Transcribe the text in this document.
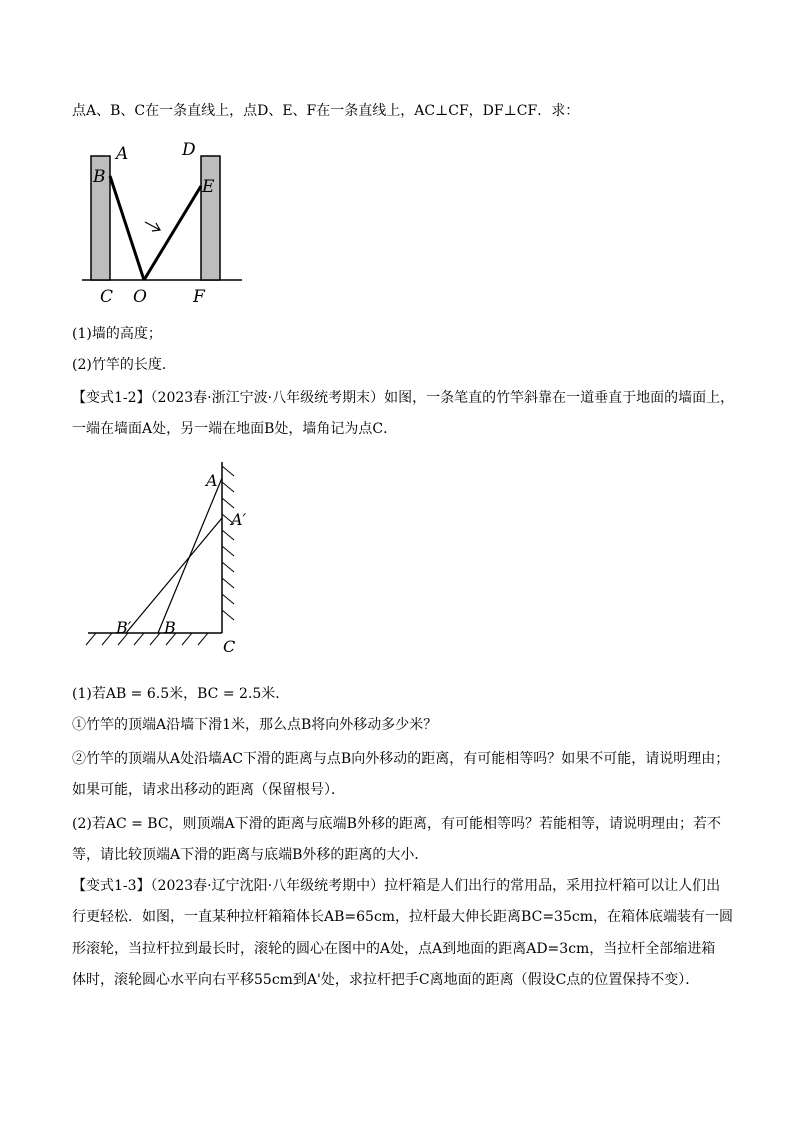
点A、B、C在一条直线上，点D、E、F在一条直线上，AC⊥CF，DF⊥CF．求：
A
B
D
E
C O	F
(1)墙的高度；
(2)竹竿的长度．
【变式1-2】（2023春·浙江宁波·八年级统考期末）如图，一条笔直的竹竿斜靠在一道垂直于地面的墙面上，
一端在墙面A处，另一端在地面B处，墙角记为点C．
A
A′
B′ B
C
(1)若AB = 6.5米，BC = 2.5米．
①竹竿的顶端A沿墙下滑1米，那么点B将向外移动多少米？
②竹竿的顶端从A处沿墙AC下滑的距离与点B向外移动的距离，有可能相等吗？如果不可能，请说明理由；
如果可能，请求出移动的距离（保留根号）．
(2)若AC = BC，则顶端A下滑的距离与底端B外移的距离，有可能相等吗？若能相等，请说明理由；若不
等，请比较顶端A下滑的距离与底端B外移的距离的大小．
【变式1-3】（2023春·辽宁沈阳·八年级统考期中）拉杆箱是人们出行的常用品，采用拉杆箱可以让人们出
行更轻松．如图，一直某种拉杆箱箱体长AB=65cm，拉杆最大伸长距离BC=35cm，在箱体底端装有一圆
形滚轮，当拉杆拉到最长时，滚轮的圆心在图中的A处，点A到地面的距离AD=3cm，当拉杆全部缩进箱
体时，滚轮圆心水平向右平移55cm到A'处，求拉杆把手C离地面的距离（假设C点的位置保持不变）．
